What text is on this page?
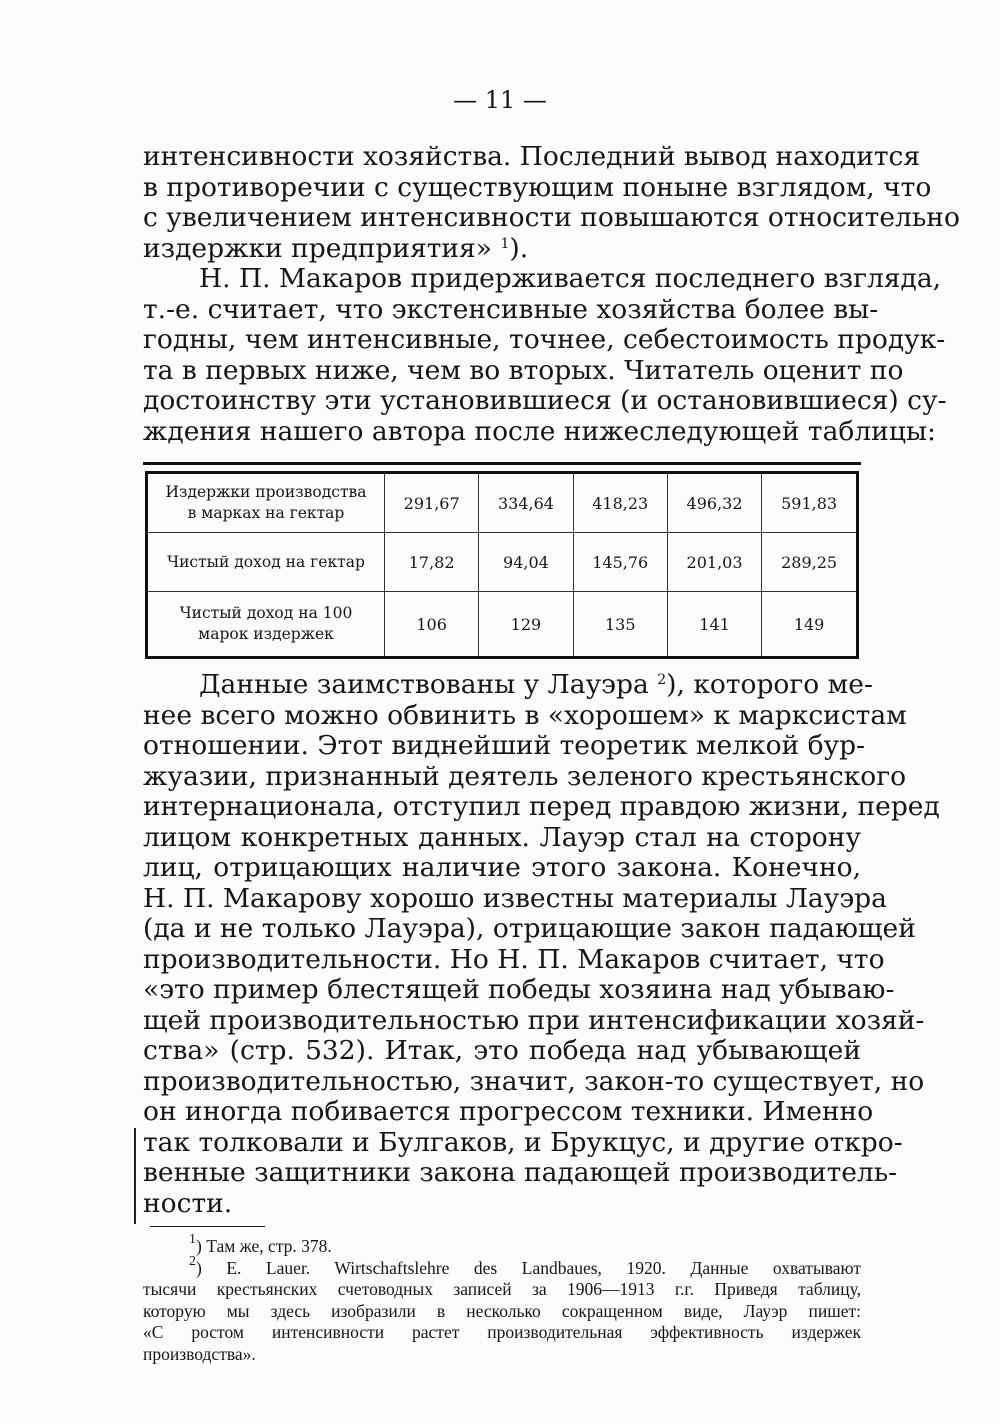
— 11 —

интенсивности хозяйства. Последний вывод находится
в противоречии с существующим поныне взглядом, что
с увеличением интенсивности повышаются относительно
издержки предприятия» $^1$).

Н. П. Макаров придерживается последнего взгляда,
т.-е. считает, что экстенсивные хозяйства более вы-
годны, чем интенсивные, точнее, себестоимость продук-
та в первых ниже, чем во вторых. Читатель оценит по
достоинству эти установившиеся (и остановившиеся) су-
ждения нашего автора после нижеследующей таблицы:

Издержки производства
в марках на гектар	291,67	334,64	418,23	496,32	591,83
Чистый доход на гектар	17,82	94,04	145,76	201,03	289,25
Чистый доход на 100
марок издержек	106	129	135	141	149

Данные заимствованы у Лауэра $^2$), которого ме-
нее всего можно обвинить в «хорошем» к марксистам
отношении. Этот виднейший теоретик мелкой бур-
жуазии, признанный деятель зеленого крестьянского
интернационала, отступил перед правдою жизни, перед
лицом конкретных данных. Лауэр стал на сторону
лиц, отрицающих наличие этого закона. Конечно,
Н. П. Макарову хорошо известны материалы Лауэра
(да и не только Лауэра), отрицающие закон падающей
производительности. Но Н. П. Макаров считает, что
«это пример блестящей победы хозяина над убываю-
щей производительностью при интенсификации хозяй-
ства» (стр. 532). Итак, это победа над убывающей
производительностью, значит, закон-то существует, но
он иногда побивается прогрессом техники. Именно
так толковали и Булгаков, и Брукцус, и другие откро-
венные защитники закона падающей производитель-
ности.

$^1$) Там же, стр. 378.
$^2$) E. Lauer. Wirtschaftslehre des Landbaues, 1920. Данные охватывают
тысячи крестьянских счетоводных записей за 1906—1913 г.г. Приведя таблицу,
которую мы здесь изобразили в несколько сокращенном виде, Лауэр пишет:
«С ростом интенсивности растет производительная эффективность издержек
производства».
